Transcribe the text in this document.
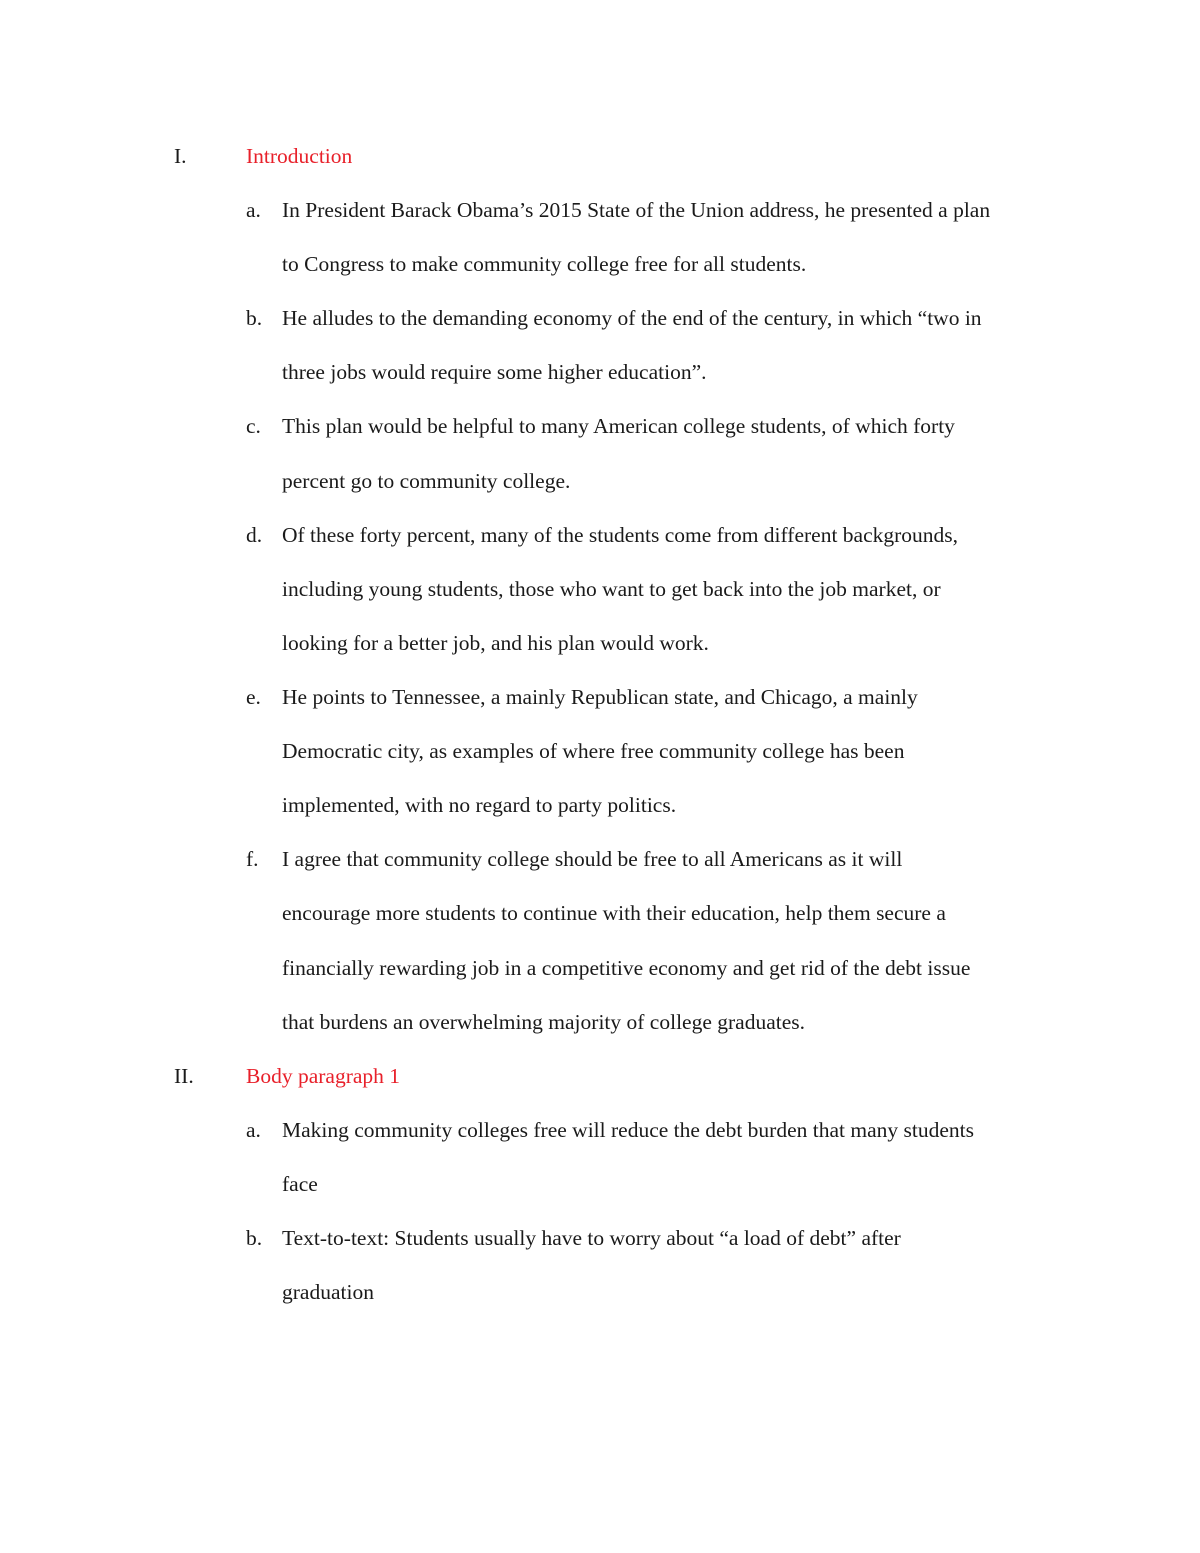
I.	Introduction
a. In President Barack Obama’s 2015 State of the Union address, he presented a plan
to Congress to make community college free for all students.
b. He alludes to the demanding economy of the end of the century, in which “two in
three jobs would require some higher education”.
c. This plan would be helpful to many American college students, of which forty
percent go to community college.
d. Of these forty percent, many of the students come from different backgrounds,
including young students, those who want to get back into the job market, or
looking for a better job, and his plan would work.
e. He points to Tennessee, a mainly Republican state, and Chicago, a mainly
Democratic city, as examples of where free community college has been
implemented, with no regard to party politics.
f. I agree that community college should be free to all Americans as it will
encourage more students to continue with their education, help them secure a
financially rewarding job in a competitive economy and get rid of the debt issue
that burdens an overwhelming majority of college graduates.
II. Body paragraph 1
a. Making community colleges free will reduce the debt burden that many students
face
b. Text-to-text: Students usually have to worry about “a load of debt” after
graduation
